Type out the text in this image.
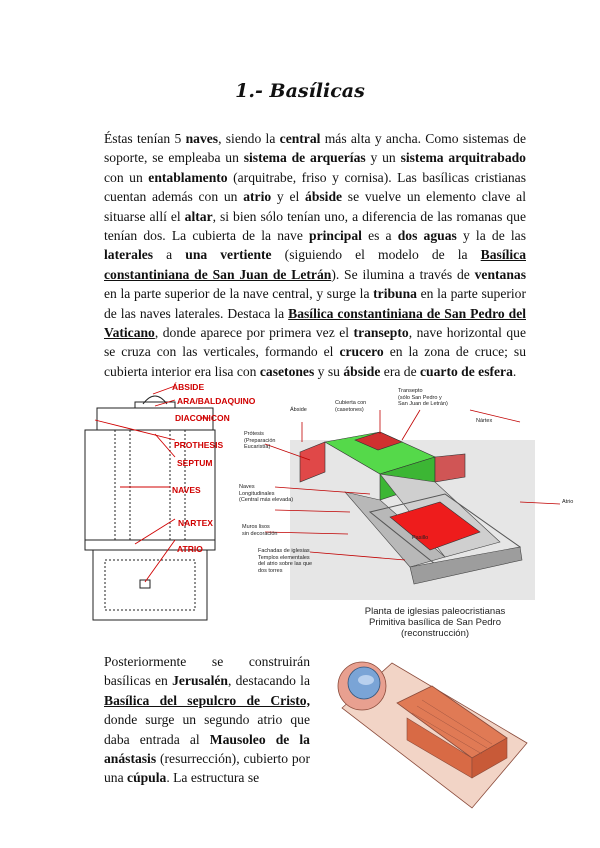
1.- Basílicas

Éstas tenían 5 naves, siendo la central más alta y ancha. Como sistemas de soporte, se empleaba un sistema de arquerías y un sistema arquitrabado con un entablamento (arquitrabe, friso y cornisa). Las basílicas cristianas cuentan además con un atrio y el ábside se vuelve un elemento clave al situarse allí el altar, si bien sólo tenían uno, a diferencia de las romanas que tenían dos. La cubierta de la nave principal es a dos aguas y la de las laterales a una vertiente (siguiendo el modelo de la Basílica constantiniana de San Juan de Letrán). Se ilumina a través de ventanas en la parte superior de la nave central, y surge la tribuna en la parte superior de las naves laterales. Destaca la Basílica constantiniana de San Pedro del Vaticano, donde aparece por primera vez el transepto, nave horizontal que se cruza con las verticales, formando el crucero en la zona de cruce; su cubierta interior era lisa con casetones y su ábside era de cuarto de esfera.

ÁBSIDE
ARA/BALDAQUINO
DIACONICON
PROTHESIS
SEPTUM
NAVES
NARTEX
ATRIO
Prótesis
(Preparación
Eucaristía)
Ábside
Cubierta con
(casetones)
Transepto
(sólo San Pedro y
San Juan de Letrán)
Nártex
Naves
Longitudinales
(Central más elevada)
Muros lisos
sin decoración
Atrio
Fachadas de iglesias
Templos elementales
del atrio sobre las que
dos torres
Pasillo
Planta de iglesias paleocristianas
Primitiva basílica de San Pedro
(reconstrucción)

Posteriormente se construirán basílicas en Jerusalén, destacando la Basílica del sepulcro de Cristo, donde surge un segundo atrio que daba entrada al Mausoleo de la anástasis (resurrección), cubierto por una cúpula. La estructura se
